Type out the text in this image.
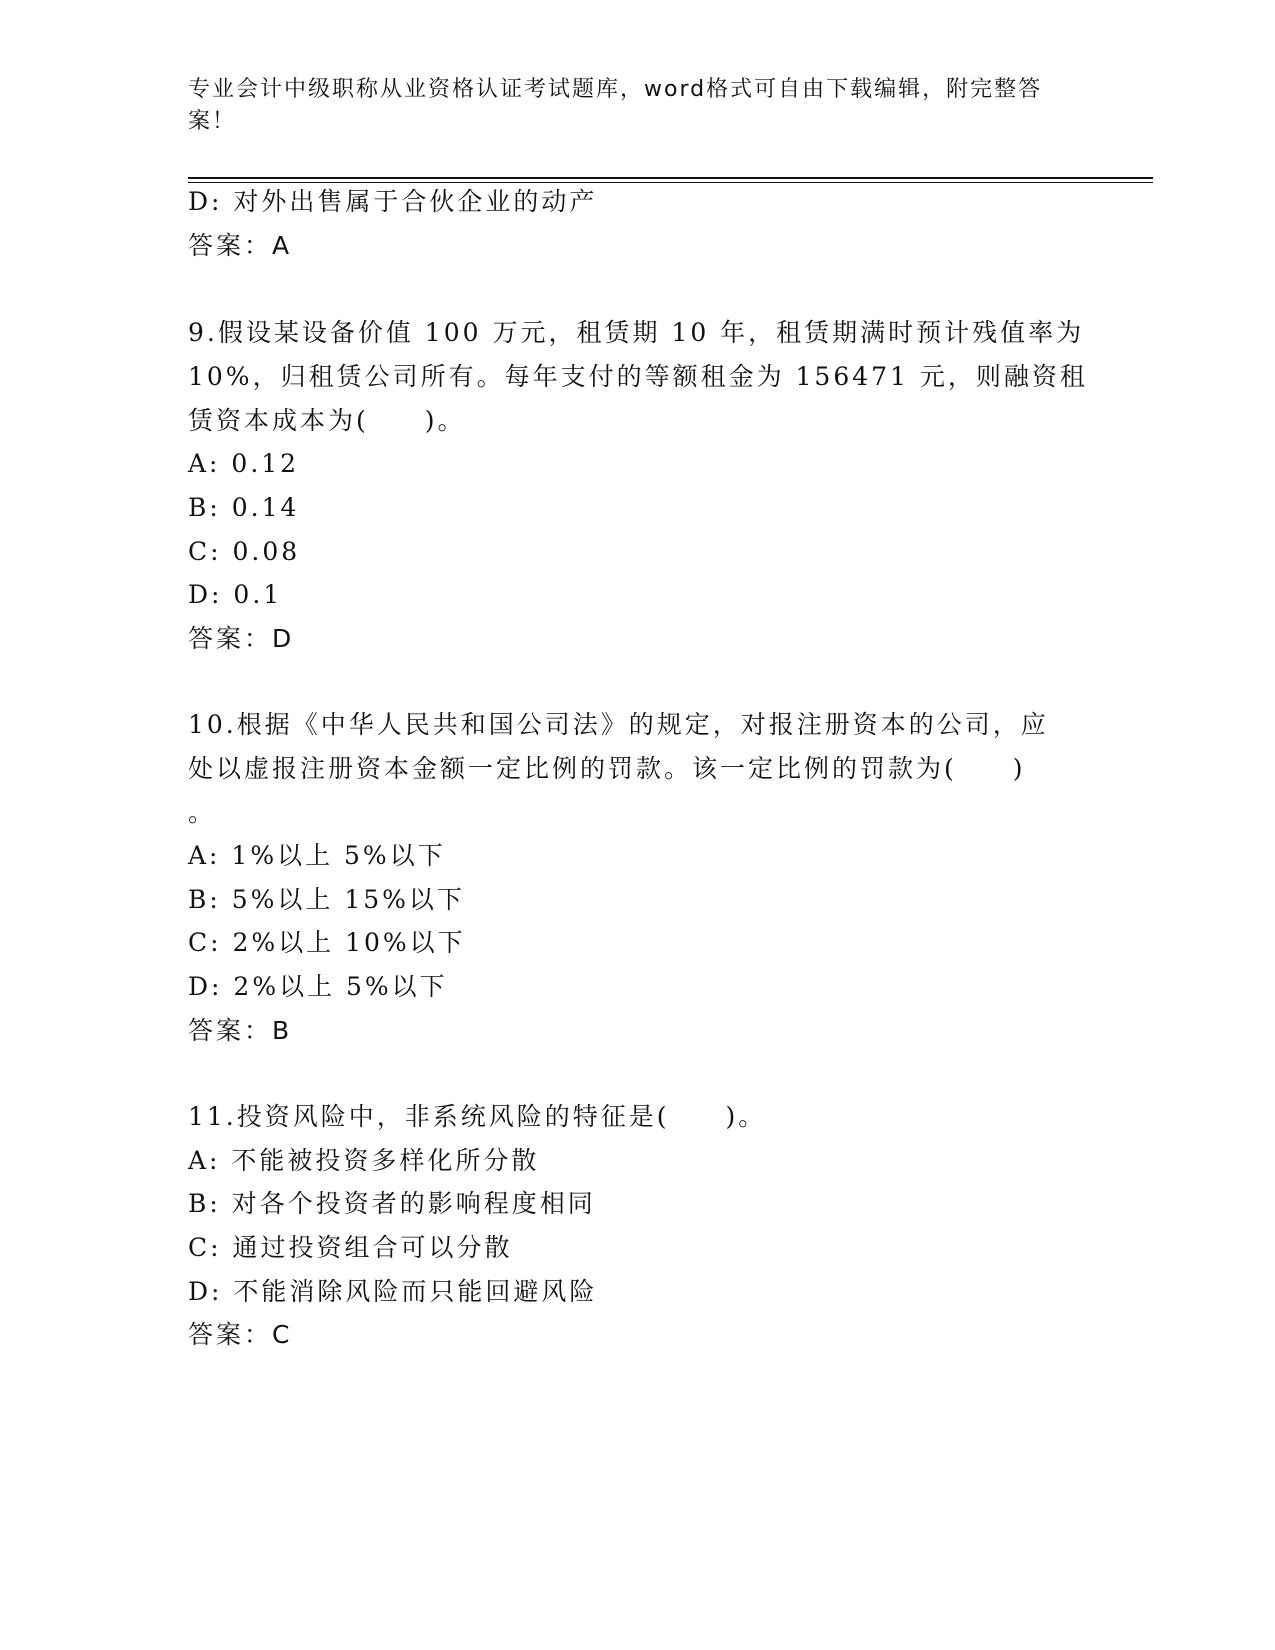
专业会计中级职称从业资格认证考试题库，word格式可自由下载编辑，附完整答案！
D: 对外出售属于合伙企业的动产
答案：A
9.假设某设备价值 100 万元，租赁期 10 年，租赁期满时预计残值率为
10%，归租赁公司所有。每年支付的等额租金为 156471 元，则融资租
赁资本成本为(　　)。
A: 0.12
B: 0.14
C: 0.08
D: 0.1
答案：D
10.根据《中华人民共和国公司法》的规定，对报注册资本的公司，应
处以虚报注册资本金额一定比例的罚款。该一定比例的罚款为(　　)
。
A: 1%以上 5%以下
B: 5%以上 15%以下
C: 2%以上 10%以下
D: 2%以上 5%以下
答案：B
11.投资风险中，非系统风险的特征是(　　)。
A: 不能被投资多样化所分散
B: 对各个投资者的影响程度相同
C: 通过投资组合可以分散
D: 不能消除风险而只能回避风险
答案：C
